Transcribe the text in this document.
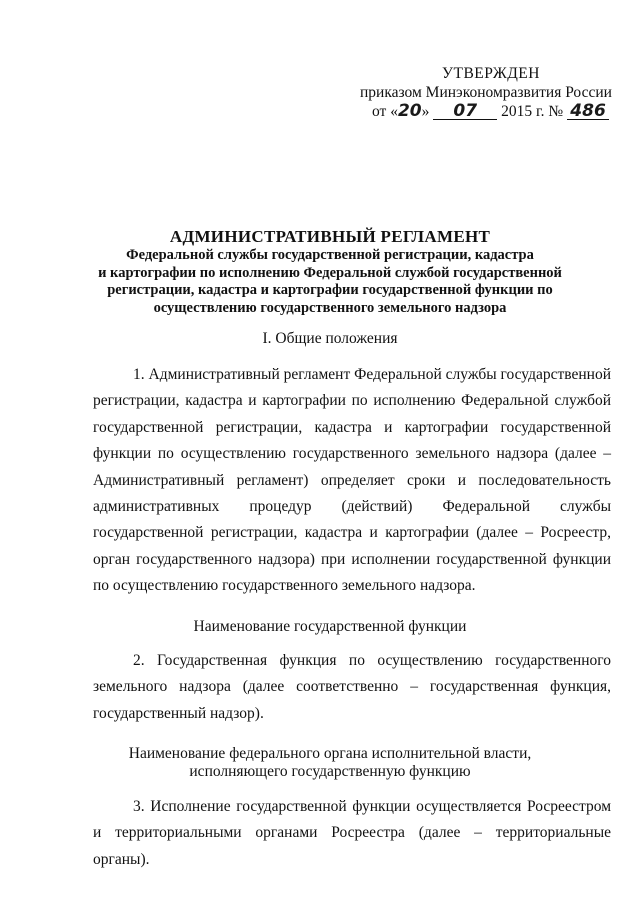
УТВЕРЖДЕН
приказом Минэкономразвития России
от «20» 07 2015 г. № 486
АДМИНИСТРАТИВНЫЙ РЕГЛАМЕНТ
Федеральной службы государственной регистрации, кадастра
и картографии по исполнению Федеральной службой государственной
регистрации, кадастра и картографии государственной функции по
осуществлению государственного земельного надзора
I. Общие положения
1. Административный регламент Федеральной службы государственной регистрации, кадастра и картографии по исполнению Федеральной службой государственной регистрации, кадастра и картографии государственной функции по осуществлению государственного земельного надзора (далее – Административный регламент) определяет сроки и последовательность административных процедур (действий) Федеральной службы государственной регистрации, кадастра и картографии (далее – Росреестр, орган государственного надзора) при исполнении государственной функции по осуществлению государственного земельного надзора.
Наименование государственной функции
2. Государственная функция по осуществлению государственного земельного надзора (далее соответственно – государственная функция, государственный надзор).
Наименование федерального органа исполнительной власти,
исполняющего государственную функцию
3. Исполнение государственной функции осуществляется Росреестром и территориальными органами Росреестра (далее – территориальные органы).
